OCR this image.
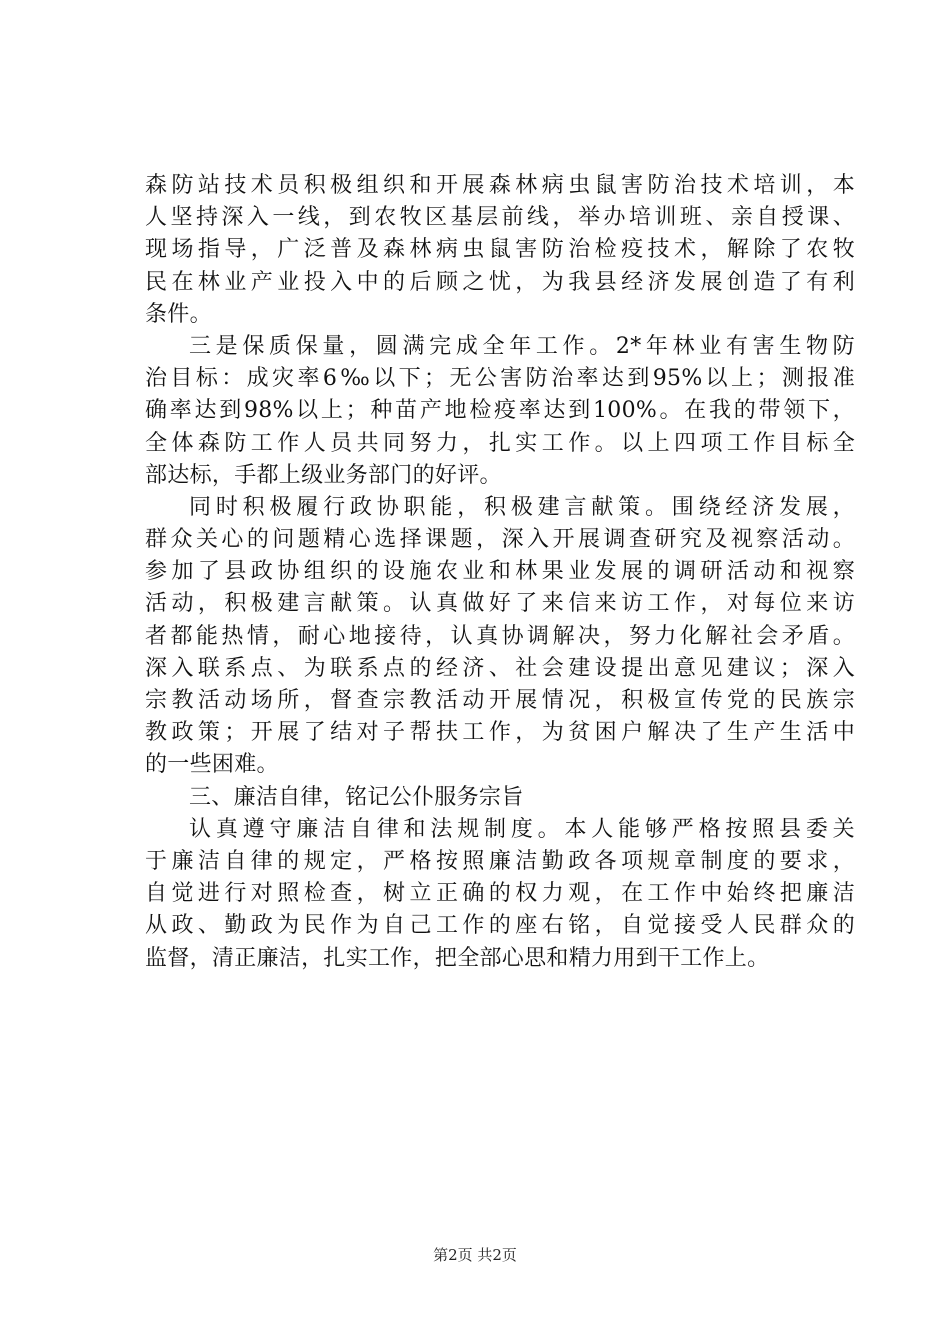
森防站技术员积极组织和开展森林病虫鼠害防治技术培训，本
人坚持深入一线，到农牧区基层前线，举办培训班、亲自授课、
现场指导，广泛普及森林病虫鼠害防治检疫技术，解除了农牧
民在林业产业投入中的后顾之忧，为我县经济发展创造了有利
条件。
三是保质保量，圆满完成全年工作。2*年林业有害生物防
治目标：成灾率6‰以下；无公害防治率达到95%以上；测报准
确率达到98%以上；种苗产地检疫率达到100%。在我的带领下，
全体森防工作人员共同努力，扎实工作。以上四项工作目标全
部达标，手都上级业务部门的好评。
同时积极履行政协职能，积极建言献策。围绕经济发展，
群众关心的问题精心选择课题，深入开展调查研究及视察活动。
参加了县政协组织的设施农业和林果业发展的调研活动和视察
活动，积极建言献策。认真做好了来信来访工作，对每位来访
者都能热情，耐心地接待，认真协调解决，努力化解社会矛盾。
深入联系点、为联系点的经济、社会建设提出意见建议；深入
宗教活动场所，督查宗教活动开展情况，积极宣传党的民族宗
教政策；开展了结对子帮扶工作，为贫困户解决了生产生活中
的一些困难。
三、廉洁自律，铭记公仆服务宗旨
认真遵守廉洁自律和法规制度。本人能够严格按照县委关
于廉洁自律的规定，严格按照廉洁勤政各项规章制度的要求，
自觉进行对照检查，树立正确的权力观，在工作中始终把廉洁
从政、勤政为民作为自己工作的座右铭，自觉接受人民群众的
监督，清正廉洁，扎实工作，把全部心思和精力用到干工作上。
第2页 共2页
